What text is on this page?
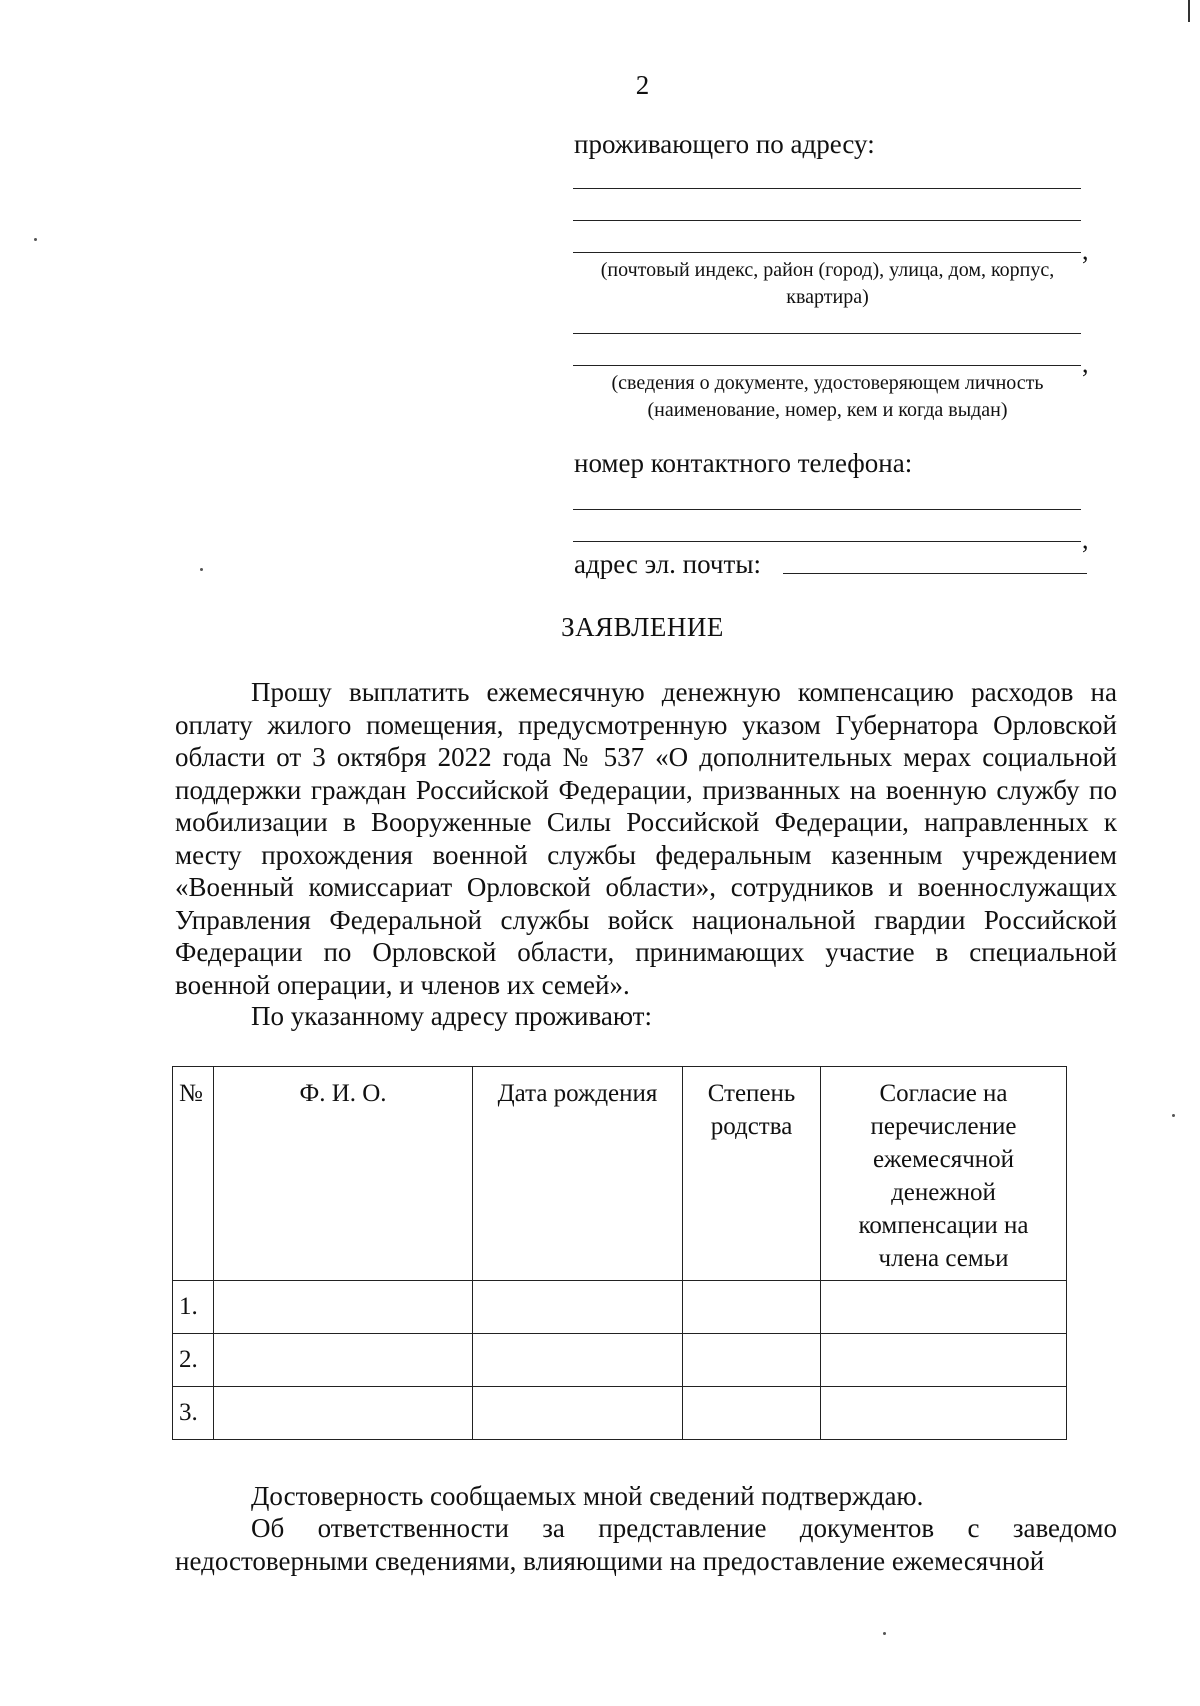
2
проживающего по адресу:
,
(почтовый индекс, район (город), улица, дом, корпус, квартира)
,
(сведения о документе, удостоверяющем личность
(наименование, номер, кем и когда выдан)
номер контактного телефона:
,
адрес эл. почты:
ЗАЯВЛЕНИЕ

Прошу выплатить ежемесячную денежную компенсацию расходов на оплату жилого помещения, предусмотренную указом Губернатора Орловской области от 3 октября 2022 года № 537 «О дополнительных мерах социальной поддержки граждан Российской Федерации, призванных на военную службу по мобилизации в Вооруженные Силы Российской Федерации, направленных к месту прохождения военной службы федеральным казенным учреждением «Военный комиссариат Орловской области», сотрудников и военнослужащих Управления Федеральной службы войск национальной гвардии Российской Федерации по Орловской области, принимающих участие в специальной военной операции, и членов их семей».

По указанному адресу проживают:

№	Ф. И. О.	Дата рождения	Степень родства	Согласие на перечисление ежемесячной денежной компенсации на члена семьи
1.				
2.				
3.				

Достоверность сообщаемых мной сведений подтверждаю.

Об ответственности за представление документов с заведомо недостоверными сведениями, влияющими на предоставление ежемесячной
